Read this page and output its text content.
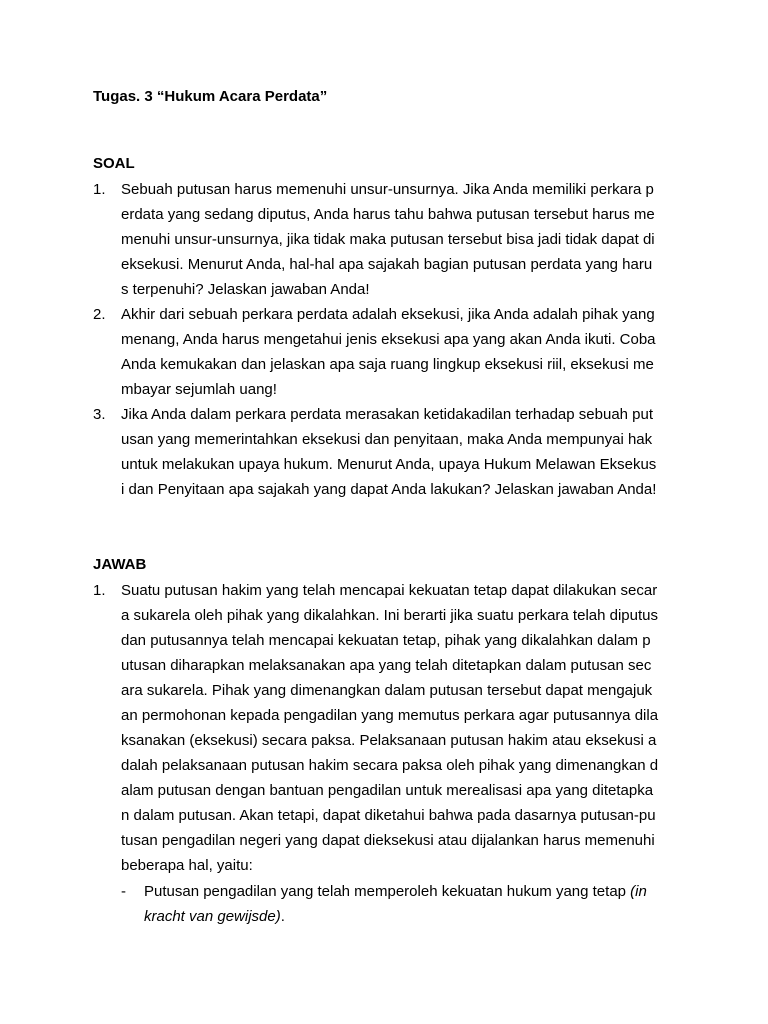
Tugas. 3 “Hukum Acara Perdata”
SOAL
1. Sebuah putusan harus memenuhi unsur-unsurnya. Jika Anda memiliki perkara p
erdata yang sedang diputus, Anda harus tahu bahwa putusan tersebut harus me
menuhi unsur-unsurnya, jika tidak maka putusan tersebut bisa jadi tidak dapat di
eksekusi. Menurut Anda, hal-hal apa sajakah bagian putusan perdata yang haru
s terpenuhi? Jelaskan jawaban Anda!
2. Akhir dari sebuah perkara perdata adalah eksekusi, jika Anda adalah pihak yang
menang, Anda harus mengetahui jenis eksekusi apa yang akan Anda ikuti. Coba
Anda kemukakan dan jelaskan apa saja ruang lingkup eksekusi riil, eksekusi me
mbayar sejumlah uang!
3. Jika Anda dalam perkara perdata merasakan ketidakadilan terhadap sebuah put
usan yang memerintahkan eksekusi dan penyitaan, maka Anda mempunyai hak
untuk melakukan upaya hukum. Menurut Anda, upaya Hukum Melawan Eksekus
i dan Penyitaan apa sajakah yang dapat Anda lakukan? Jelaskan jawaban Anda!
JAWAB
1. Suatu putusan hakim yang telah mencapai kekuatan tetap dapat dilakukan secar
a sukarela oleh pihak yang dikalahkan. Ini berarti jika suatu perkara telah diputus
dan putusannya telah mencapai kekuatan tetap, pihak yang dikalahkan dalam p
utusan diharapkan melaksanakan apa yang telah ditetapkan dalam putusan sec
ara sukarela. Pihak yang dimenangkan dalam putusan tersebut dapat mengajuk
an permohonan kepada pengadilan yang memutus perkara agar putusannya dila
ksanakan (eksekusi) secara paksa. Pelaksanaan putusan hakim atau eksekusi a
dalah pelaksanaan putusan hakim secara paksa oleh pihak yang dimenangkan d
alam putusan dengan bantuan pengadilan untuk merealisasi apa yang ditetapka
n dalam putusan. Akan tetapi, dapat diketahui bahwa pada dasarnya putusan-pu
tusan pengadilan negeri yang dapat dieksekusi atau dijalankan harus memenuhi
beberapa hal, yaitu:
- Putusan pengadilan yang telah memperoleh kekuatan hukum yang tetap (in
kracht van gewijsde).
